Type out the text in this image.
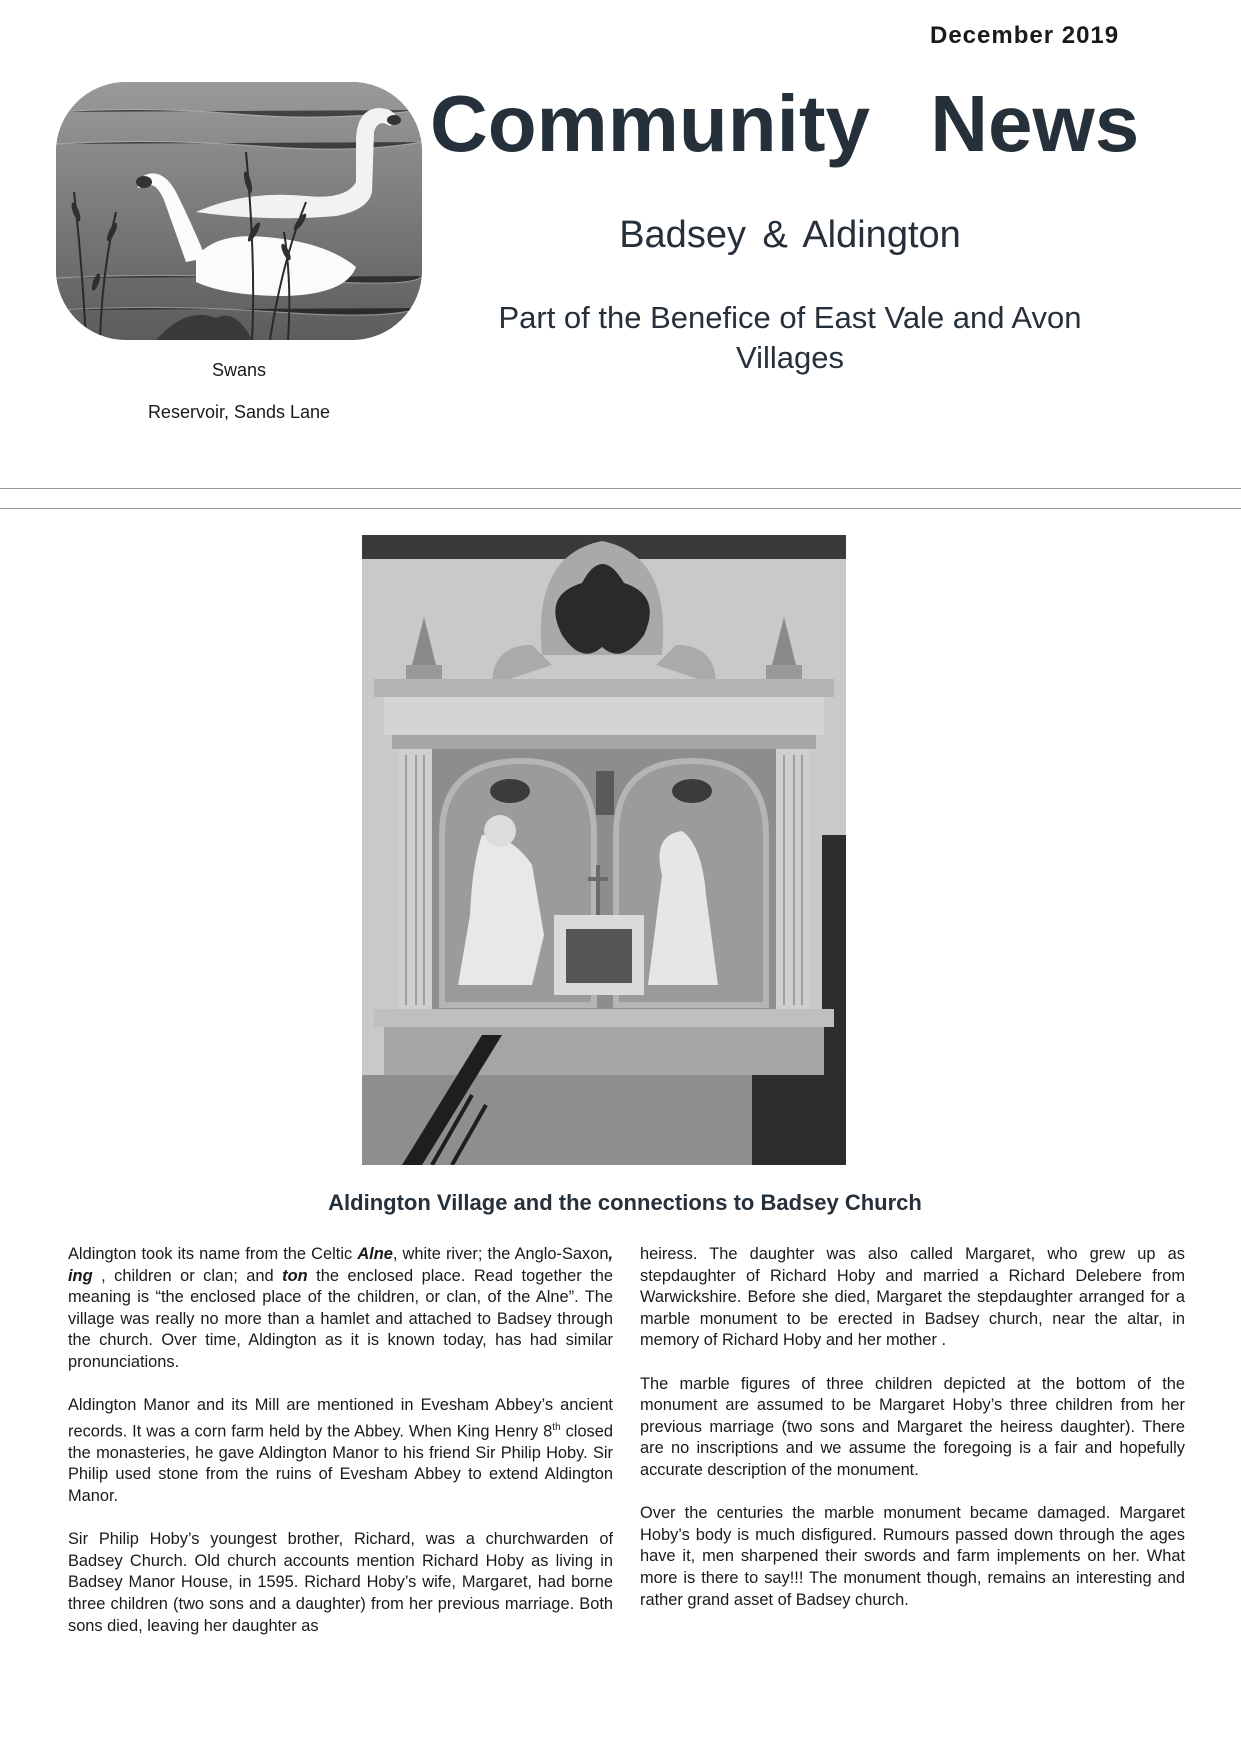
December 2019
Swans
Reservoir, Sands Lane
Community News
Badsey & Aldington
Part of the Benefice of East Vale and Avon Villages
Aldington Village and the connections to Badsey Church

Aldington took its name from the Celtic Alne, white river; the Anglo-Saxon, ing , children or clan; and ton the enclosed place. Read together the meaning is “the enclosed place of the children, or clan, of the Alne”. The village was really no more than a hamlet and attached to Badsey through the church. Over time, Aldington as it is known today, has had similar pronunciations.

Aldington Manor and its Mill are mentioned in Evesham Abbey’s ancient records. It was a corn farm held by the Abbey. When King Henry 8th closed the monasteries, he gave Aldington Manor to his friend Sir Philip Hoby. Sir Philip used stone from the ruins of Evesham Abbey to extend Aldington Manor.

Sir Philip Hoby’s youngest brother, Richard, was a churchwarden of Badsey Church. Old church accounts mention Richard Hoby as living in Badsey Manor House, in 1595. Richard Hoby’s wife, Margaret, had borne three children (two sons and a daughter) from her previous marriage. Both sons died, leaving her daughter as

heiress. The daughter was also called Margaret, who grew up as stepdaughter of Richard Hoby and married a Richard Delebere from Warwickshire. Before she died, Margaret the stepdaughter arranged for a marble monument to be erected in Badsey church, near the altar, in memory of Richard Hoby and her mother .

The marble figures of three children depicted at the bottom of the monument are assumed to be Margaret Hoby’s three children from her previous marriage (two sons and Margaret the heiress daughter). There are no inscriptions and we assume the foregoing is a fair and hopefully accurate description of the monument.

Over the centuries the marble monument became damaged. Margaret Hoby’s body is much disfigured. Rumours passed down through the ages have it, men sharpened their swords and farm implements on her. What more is there to say!!! The monument though, remains an interesting and rather grand asset of Badsey church.
